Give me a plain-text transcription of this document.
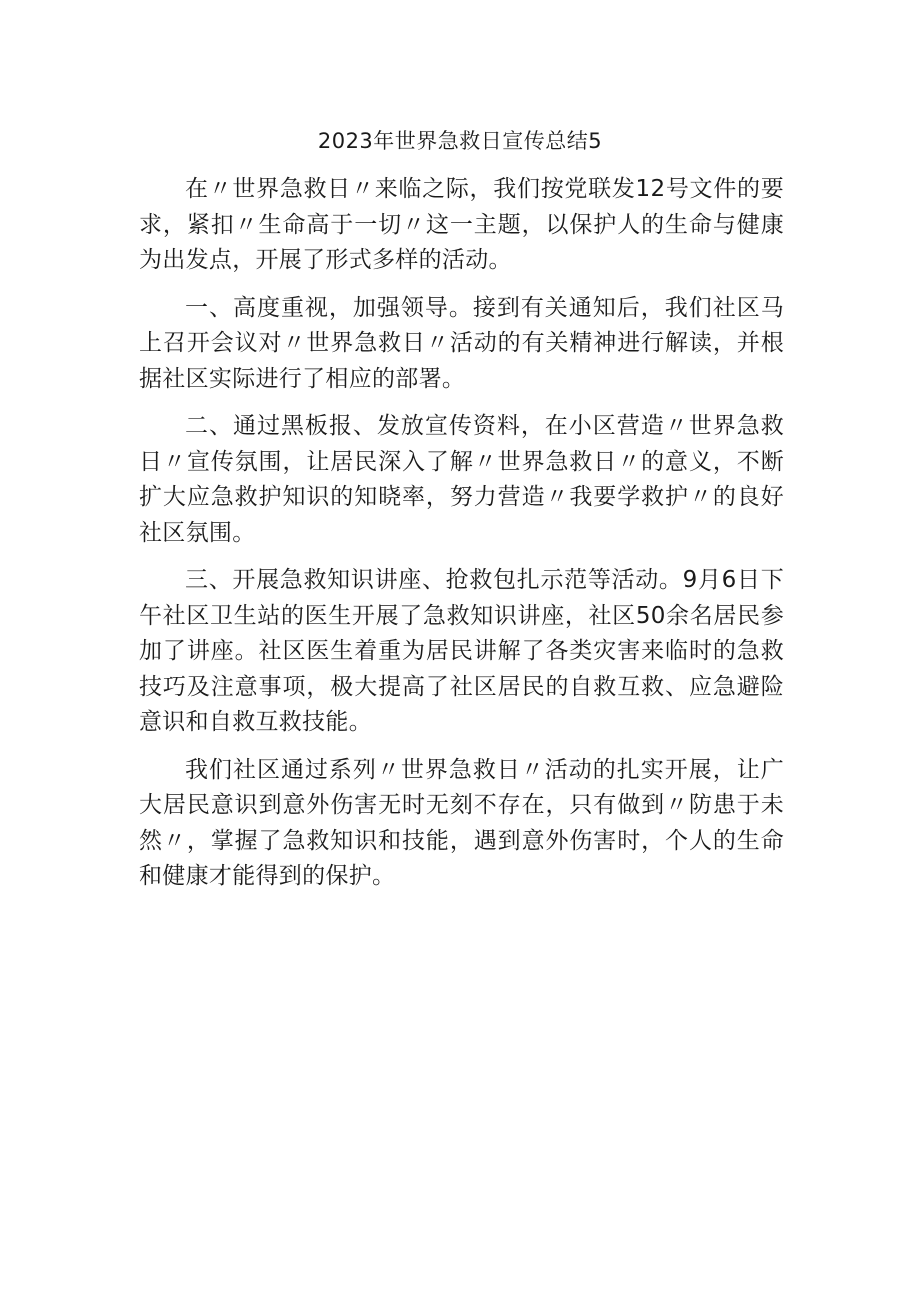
2023年世界急救日宣传总结5

在〃世界急救日〃来临之际，我们按党联发12号文件的要求，紧扣〃生命高于一切〃这一主题，以保护人的生命与健康为出发点，开展了形式多样的活动。

一、高度重视，加强领导。接到有关通知后，我们社区马上召开会议对〃世界急救日〃活动的有关精神进行解读，并根据社区实际进行了相应的部署。

二、通过黑板报、发放宣传资料，在小区营造〃世界急救日〃宣传氛围，让居民深入了解〃世界急救日〃的意义，不断扩大应急救护知识的知晓率，努力营造〃我要学救护〃的良好社区氛围。

三、开展急救知识讲座、抢救包扎示范等活动。9月6日下午社区卫生站的医生开展了急救知识讲座，社区50余名居民参加了讲座。社区医生着重为居民讲解了各类灾害来临时的急救技巧及注意事项，极大提高了社区居民的自救互救、应急避险意识和自救互救技能。

我们社区通过系列〃世界急救日〃活动的扎实开展，让广大居民意识到意外伤害无时无刻不存在，只有做到〃防患于未然〃，掌握了急救知识和技能，遇到意外伤害时，个人的生命和健康才能得到的保护。
